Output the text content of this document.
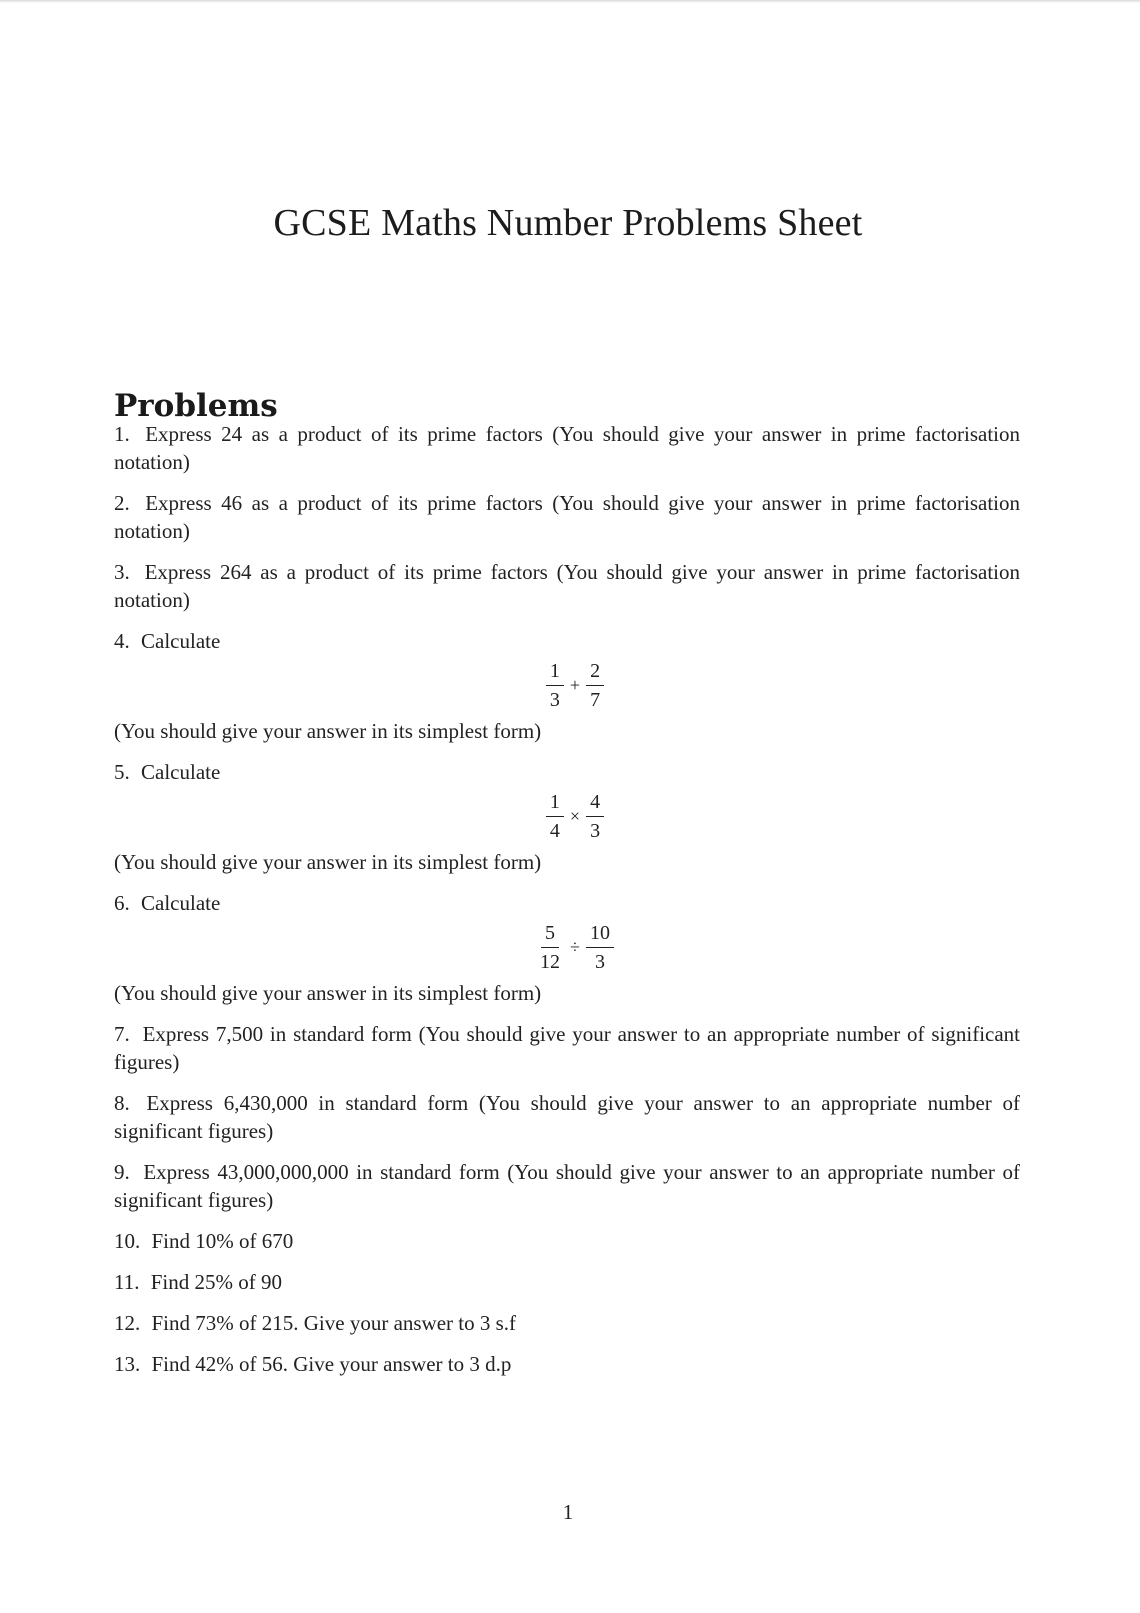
GCSE Maths Number Problems Sheet
Problems
1. Express 24 as a product of its prime factors (You should give your answer in prime factorisation notation)
2. Express 46 as a product of its prime factors (You should give your answer in prime factorisation notation)
3. Express 264 as a product of its prime factors (You should give your answer in prime factorisation notation)
4. Calculate
$\frac{1}{3} + \frac{2}{7}$
(You should give your answer in its simplest form)
5. Calculate
$\frac{1}{4} \times \frac{4}{3}$
(You should give your answer in its simplest form)
6. Calculate
$\frac{5}{12} \div \frac{10}{3}$
(You should give your answer in its simplest form)
7. Express 7,500 in standard form (You should give your answer to an appropriate number of significant figures)
8. Express 6,430,000 in standard form (You should give your answer to an appropriate number of significant figures)
9. Express 43,000,000,000 in standard form (You should give your answer to an appropriate number of significant figures)
10. Find 10% of 670
11. Find 25% of 90
12. Find 73% of 215. Give your answer to 3 s.f
13. Find 42% of 56. Give your answer to 3 d.p
1
